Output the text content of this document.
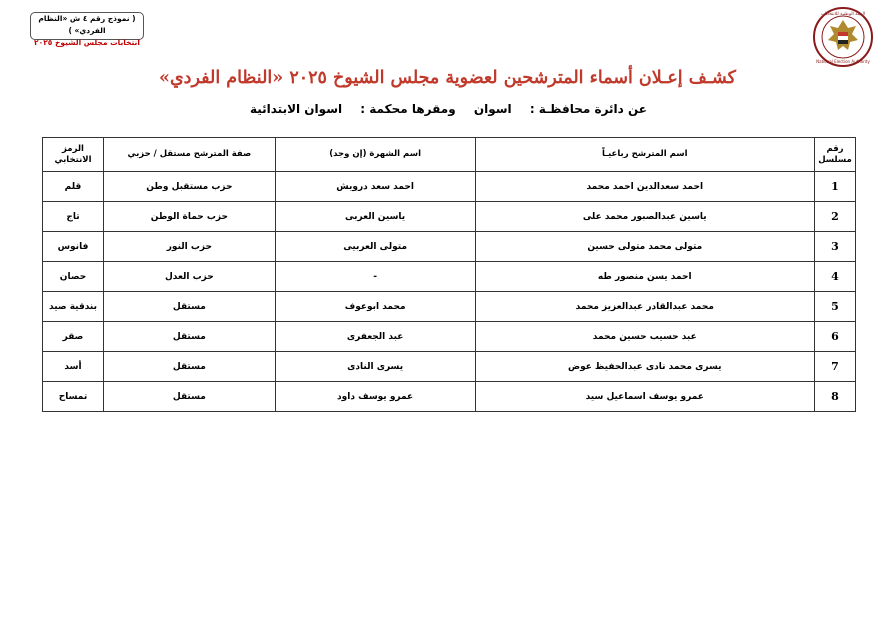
( نموذج رقم ٤ ش «النظام الفردي» )
انتخابات مجلس الشيوخ ٢٠٢٥
الهيئة الوطنية للانتخابات
National Election Authority
كشـف إعـلان أسماء المترشحين لعضوية مجلس الشيوخ ٢٠٢٥ «النظام الفردي»
عن دائرة محافظـة : اسوان ومقرها محكمة : اسوان الابتدائية
رقم مسلسل	اسم المترشح رباعيـاً	اسم الشهرة (إن وجد)	صفة المترشح مستقل / حزبي	الرمز الانتخابي
1	احمد سعدالدين احمد محمد	احمد سعد درويش	حزب مستقبل وطن	قلم
2	ياسين عبدالصبور محمد على	ياسين العربى	حزب حماة الوطن	تاج
3	متولى محمد متولى حسين	متولى العربيى	حزب النور	فانوس
4	احمد يسن منصور طه	-	حزب العدل	حصان
5	محمد عبدالقادر عبدالعزيز محمد	محمد ابوعوف	مستقل	بندقية صيد
6	عبد حسيب حسين محمد	عبد الجعفرى	مستقل	صقر
7	يسرى محمد نادى عبدالحفيظ عوض	يسرى النادى	مستقل	أسد
8	عمرو يوسف اسماعيل سيد	عمرو يوسف داود	مستقل	تمساح
